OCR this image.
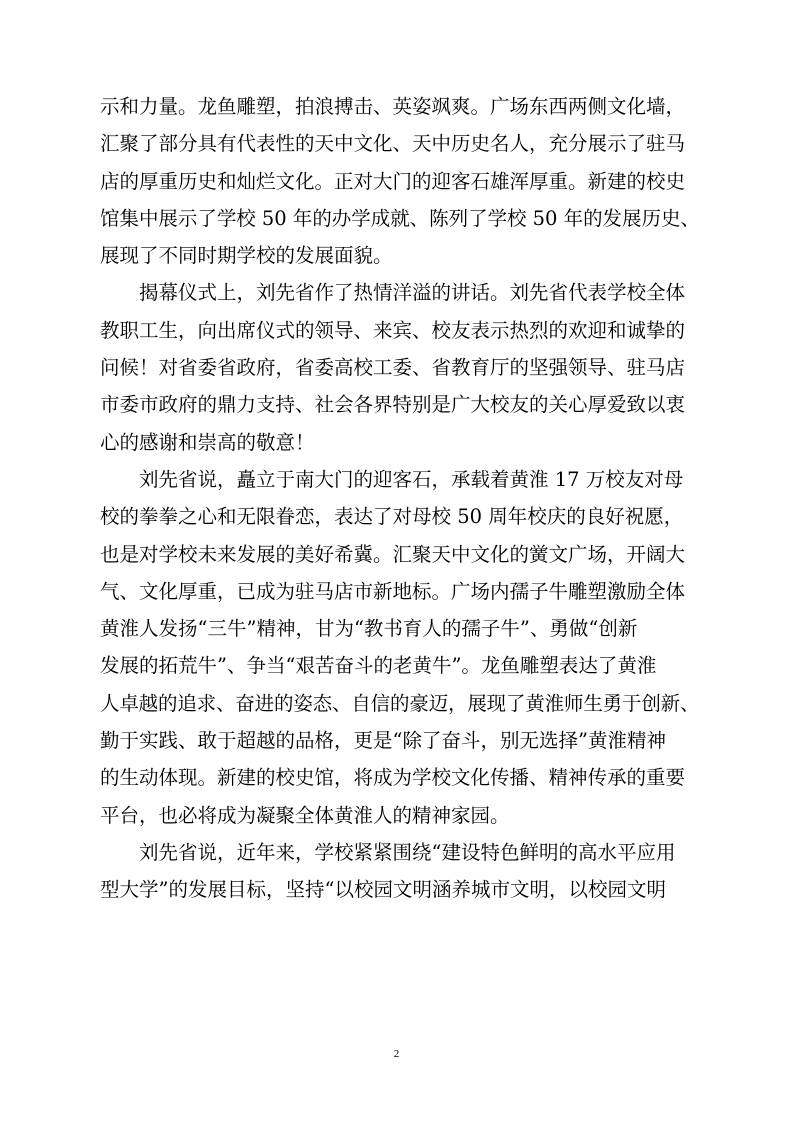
示和力量。龙鱼雕塑，拍浪搏击、英姿飒爽。广场东西两侧文化墙，
汇聚了部分具有代表性的天中文化、天中历史名人，充分展示了驻马
店的厚重历史和灿烂文化。正对大门的迎客石雄浑厚重。新建的校史
馆集中展示了学校 50 年的办学成就、陈列了学校 50 年的发展历史、
展现了不同时期学校的发展面貌。

　　揭幕仪式上，刘先省作了热情洋溢的讲话。刘先省代表学校全体
教职工生，向出席仪式的领导、来宾、校友表示热烈的欢迎和诚挚的
问候！对省委省政府，省委高校工委、省教育厅的坚强领导、驻马店
市委市政府的鼎力支持、社会各界特别是广大校友的关心厚爱致以衷
心的感谢和崇高的敬意！

　　刘先省说，矗立于南大门的迎客石，承载着黄淮 17 万校友对母
校的拳拳之心和无限眷恋，表达了对母校 50 周年校庆的良好祝愿，
也是对学校未来发展的美好希冀。汇聚天中文化的黉文广场，开阔大
气、文化厚重，已成为驻马店市新地标。广场内孺子牛雕塑激励全体
黄淮人发扬“三牛”精神，甘为“教书育人的孺子牛”、勇做“创新
发展的拓荒牛”、争当“艰苦奋斗的老黄牛”。龙鱼雕塑表达了黄淮
人卓越的追求、奋进的姿态、自信的豪迈，展现了黄淮师生勇于创新、
勤于实践、敢于超越的品格，更是“除了奋斗，别无选择”黄淮精神
的生动体现。新建的校史馆，将成为学校文化传播、精神传承的重要
平台，也必将成为凝聚全体黄淮人的精神家园。

　　刘先省说，近年来，学校紧紧围绕“建设特色鲜明的高水平应用
型大学”的发展目标，坚持“以校园文明涵养城市文明，以校园文明

2
